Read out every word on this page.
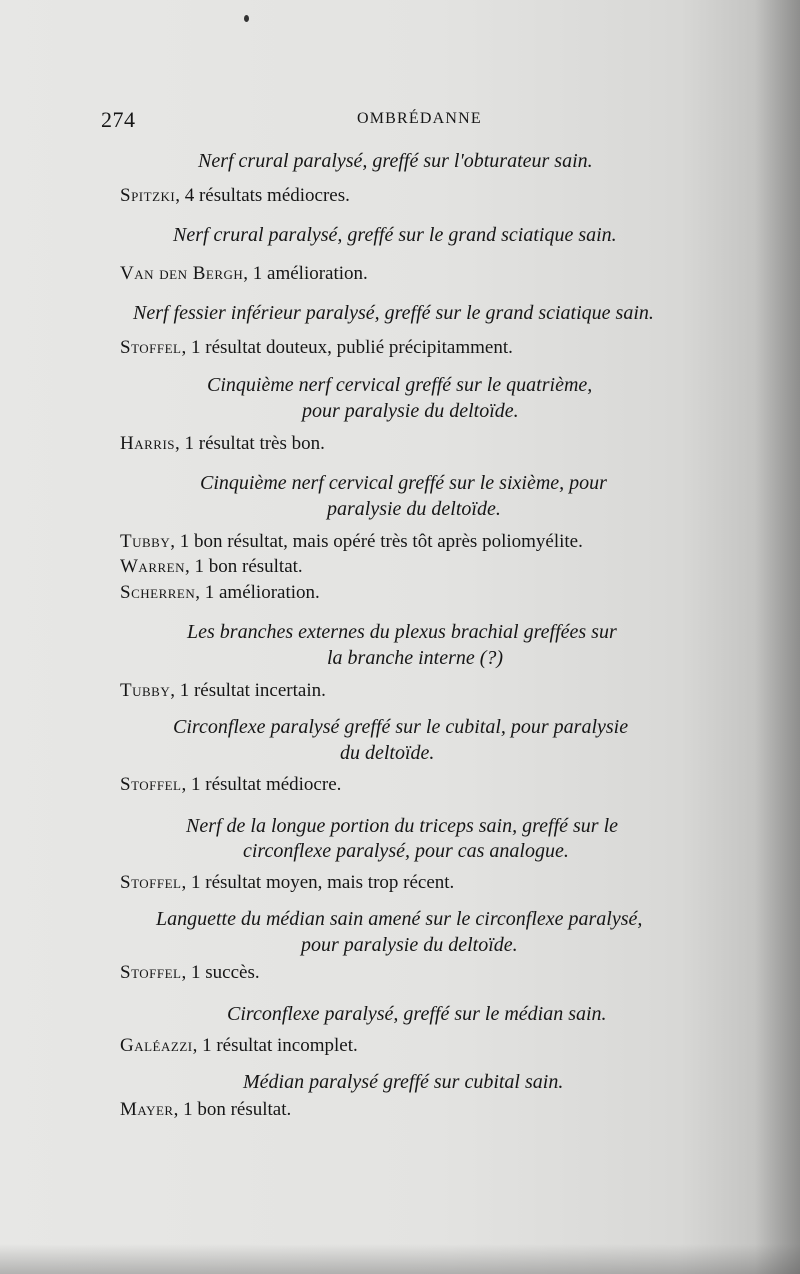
274	OMBRÉDANNE
Nerf crural paralysé, greffé sur l'obturateur sain.
Spitzki, 4 résultats médiocres.
Nerf crural paralysé, greffé sur le grand sciatique sain.
Van den Bergh, 1 amélioration.
Nerf fessier inférieur paralysé, greffé sur le grand sciatique sain.
Stoffel, 1 résultat douteux, publié précipitamment.
Cinquième nerf cervical greffé sur le quatrième,
pour paralysie du deltoïde.
Harris, 1 résultat très bon.
Cinquième nerf cervical greffé sur le sixième, pour
paralysie du deltoïde.
Tubby, 1 bon résultat, mais opéré très tôt après poliomyélite.
Warren, 1 bon résultat.
Scherren, 1 amélioration.
Les branches externes du plexus brachial greffées sur
la branche interne (?)
Tubby, 1 résultat incertain.
Circonflexe paralysé greffé sur le cubital, pour paralysie
du deltoïde.
Stoffel, 1 résultat médiocre.
Nerf de la longue portion du triceps sain, greffé sur le
circonflexe paralysé, pour cas analogue.
Stoffel, 1 résultat moyen, mais trop récent.
Languette du médian sain amené sur le circonflexe paralysé,
pour paralysie du deltoïde.
Stoffel, 1 succès.
Circonflexe paralysé, greffé sur le médian sain.
Galéazzi, 1 résultat incomplet.
Médian paralysé greffé sur cubital sain.
Mayer, 1 bon résultat.
